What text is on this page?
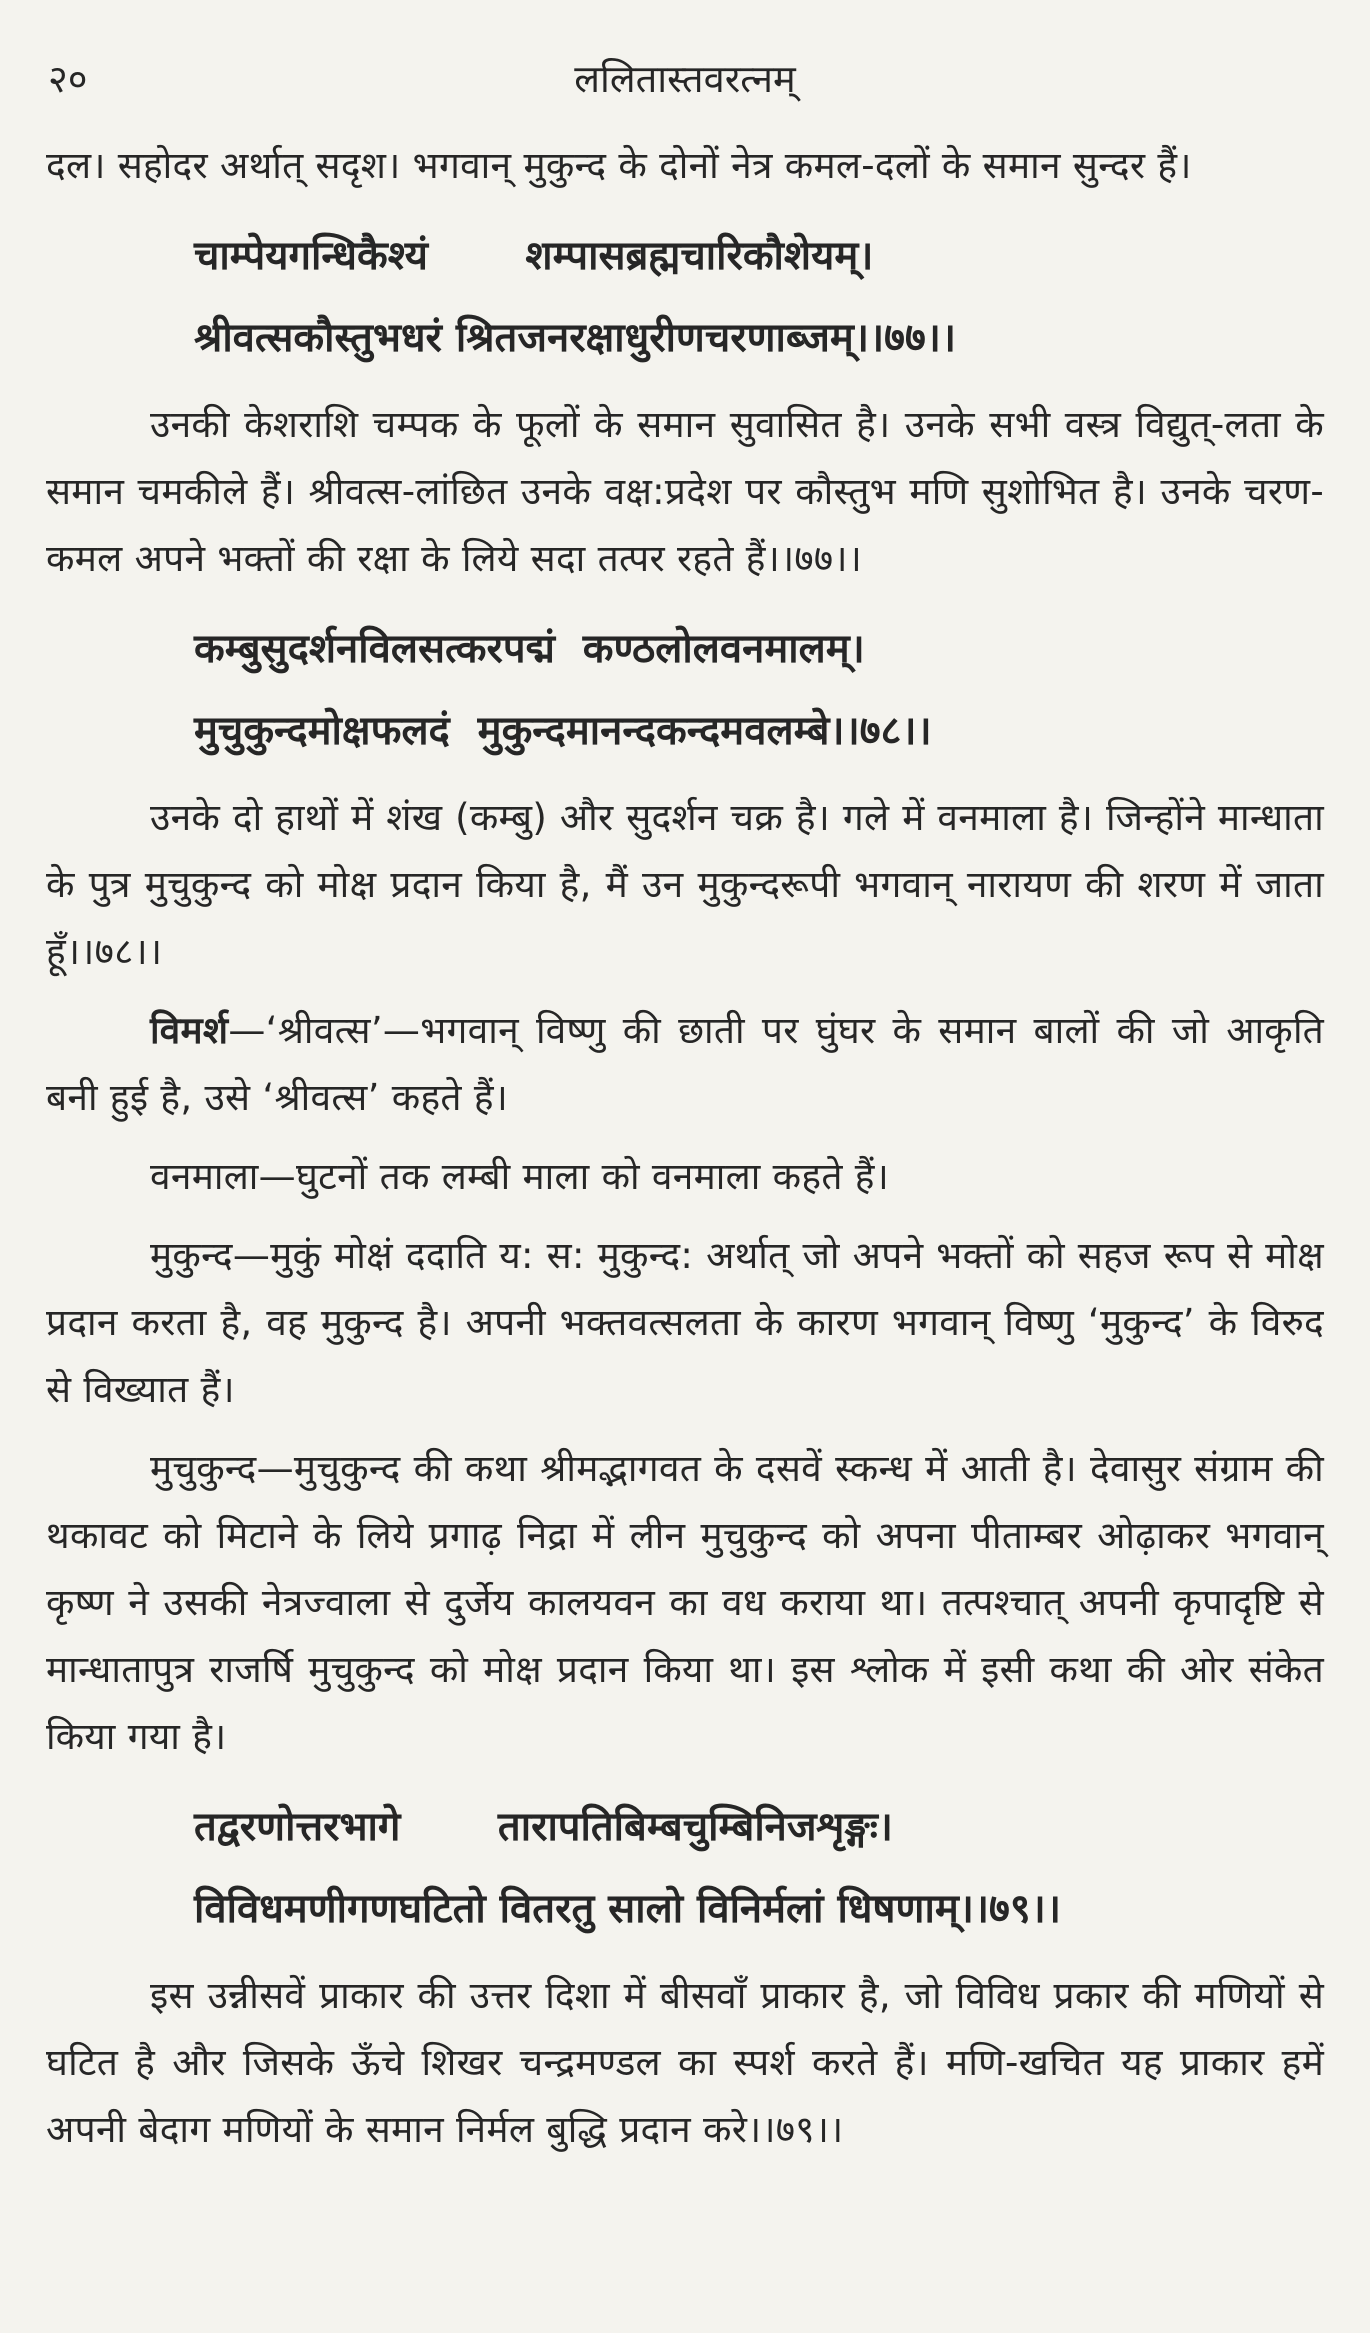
२०	ललितास्तवरत्नम्

दल। सहोदर अर्थात् सदृश। भगवान् मुकुन्द के दोनों नेत्र कमल-दलों के समान सुन्दर हैं।

चाम्पेयगन्धिकैश्यं       शम्पासब्रह्मचारिकौशेयम्।

श्रीवत्सकौस्तुभधरं श्रितजनरक्षाधुरीणचरणाब्जम्।।७७।।

उनकी केशराशि चम्पक के फूलों के समान सुवासित है। उनके सभी वस्त्र विद्युत्-लता के समान चमकीले हैं। श्रीवत्स-लांछित उनके वक्ष:प्रदेश पर कौस्तुभ मणि सुशोभित है। उनके चरण-कमल अपने भक्तों की रक्षा के लिये सदा तत्पर रहते हैं।।७७।।

कम्बुसुदर्शनविलसत्करपद्मं  कण्ठलोलवनमालम्।

मुचुकुन्दमोक्षफलदं  मुकुन्दमानन्दकन्दमवलम्बे।।७८।।

उनके दो हाथों में शंख (कम्बु) और सुदर्शन चक्र है। गले में वनमाला है। जिन्होंने मान्धाता के पुत्र मुचुकुन्द को मोक्ष प्रदान किया है, मैं उन मुकुन्दरूपी भगवान् नारायण की शरण में जाता हूँ।।७८।।

विमर्श—‘श्रीवत्स’—भगवान् विष्णु की छाती पर घुंघर के समान बालों की जो आकृति बनी हुई है, उसे ‘श्रीवत्स’ कहते हैं।

वनमाला—घुटनों तक लम्बी माला को वनमाला कहते हैं।

मुकुन्द—मुकुं मोक्षं ददाति य: स: मुकुन्द: अर्थात् जो अपने भक्तों को सहज रूप से मोक्ष प्रदान करता है, वह मुकुन्द है। अपनी भक्तवत्सलता के कारण भगवान् विष्णु ‘मुकुन्द’ के विरुद से विख्यात हैं।

मुचुकुन्द—मुचुकुन्द की कथा श्रीमद्भागवत के दसवें स्कन्ध में आती है। देवासुर संग्राम की थकावट को मिटाने के लिये प्रगाढ़ निद्रा में लीन मुचुकुन्द को अपना पीताम्बर ओढ़ाकर भगवान् कृष्ण ने उसकी नेत्रज्वाला से दुर्जेय कालयवन का वध कराया था। तत्पश्चात् अपनी कृपादृष्टि से मान्धातापुत्र राजर्षि मुचुकुन्द को मोक्ष प्रदान किया था। इस श्लोक में इसी कथा की ओर संकेत किया गया है।

तद्वरणोत्तरभागे       तारापतिबिम्बचुम्बिनिजशृङ्गः।

विविधमणीगणघटितो वितरतु सालो विनिर्मलां धिषणाम्।।७९।।

इस उन्नीसवें प्राकार की उत्तर दिशा में बीसवाँ प्राकार है, जो विविध प्रकार की मणियों से घटित है और जिसके ऊँचे शिखर चन्द्रमण्डल का स्पर्श करते हैं। मणि-खचित यह प्राकार हमें अपनी बेदाग मणियों के समान निर्मल बुद्धि प्रदान करे।।७९।।
